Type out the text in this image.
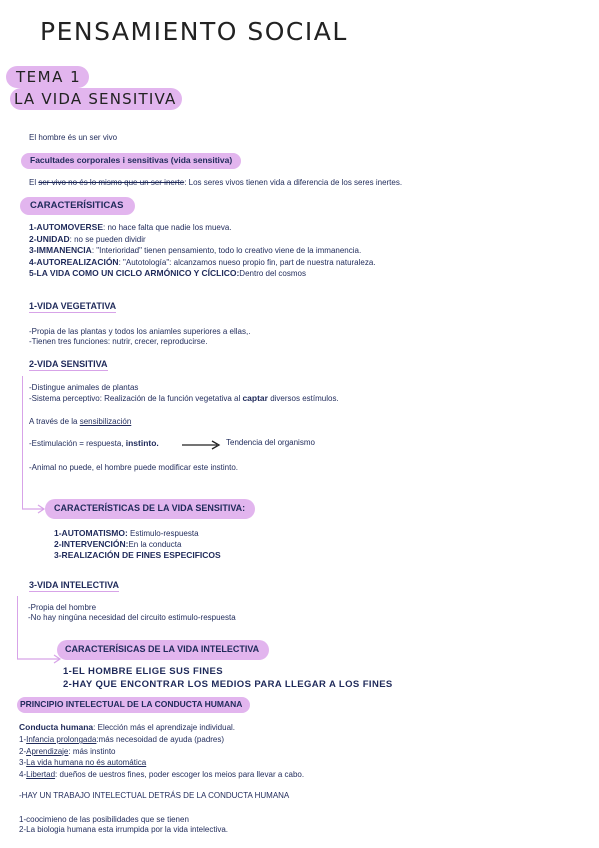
PENSAMIENTO SOCIAL
TEMA 1
LA VIDA SENSITIVA
El hombre és un ser vivo
Facultades corporales i sensitivas (vida sensitiva)
El ser vivo no és lo mismo que un ser inerte: Los seres vivos tienen vida a diferencia de los seres inertes.
CARACTERÍSITICAS
1-AUTOMOVERSE: no hace falta que nadie los mueva.
2-UNIDAD: no se pueden dividir
3-IMMANENCIA: "Interioridad" tienen pensamiento, todo lo creativo viene de la immanencia.
4-AUTOREALIZACIÓN: "Autotología": alcanzamos nueso propio fin, part de nuestra naturaleza.
5-LA VIDA COMO UN CICLO ARMÓNICO Y CÍCLICO:Dentro del cosmos
1-VIDA VEGETATIVA
-Propia de las plantas y todos los aniamles superiores a ellas,.
-Tienen tres funciones: nutrir, crecer, reproducirse.
2-VIDA SENSITIVA
-Distingue animales de plantas
-Sistema perceptivo: Realización de la función vegetativa al captar diversos estímulos.
A través de la sensibilización
-Estimulación = respuesta, instinto.	Tendencia del organismo
-Animal no puede, el hombre puede modificar este instinto.
CARACTERÍSTICAS DE LA VIDA SENSITIVA:
1-AUTOMATISMO: Estimulo-respuesta
2-INTERVENCIÓN:En la conducta
3-REALIZACIÓN DE FINES ESPECIFICOS
3-VIDA INTELECTIVA
-Propia del hombre
-No hay ningúna necesidad del circuito estimulo-respuesta
CARACTERÍSICAS DE LA VIDA INTELECTIVA
1-EL HOMBRE ELIGE SUS FINES
2-HAY QUE ENCONTRAR LOS MEDIOS PARA LLEGAR A LOS FINES
PRINCIPIO INTELECTUAL DE LA CONDUCTA HUMANA
Conducta humana: Elección más el aprendizaje individual.
1-Infancia prolongada:más necesoidad de ayuda (padres)
2-Aprendizaje: más instinto
3-La vida humana no és automática
4-Libertad: dueños de uestros fines, poder escoger los meios para llevar a cabo.
-HAY UN TRABAJO INTELECTUAL DETRÁS DE LA CONDUCTA HUMANA
1-coocimieno de las posibilidades que se tienen
2-La biologia humana esta irrumpida por la vida intelectiva.
